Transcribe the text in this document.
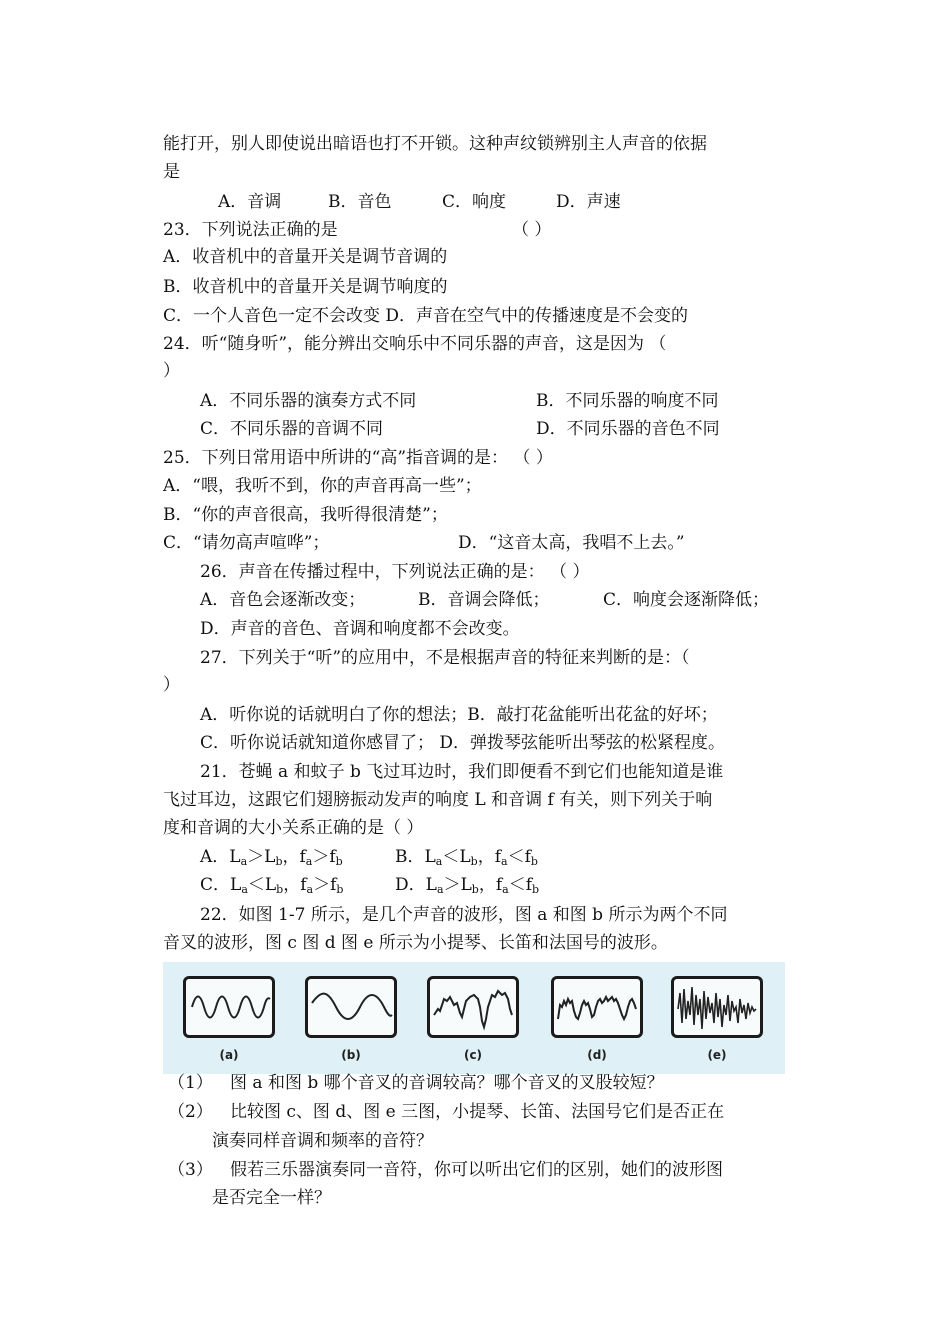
能打开，别人即使说出暗语也打不开锁。这种声纹锁辨别主人声音的依据
是
A．音调	B．音色	C．响度	D．声速
23．下列说法正确的是	（ ）
A．收音机中的音量开关是调节音调的
B．收音机中的音量开关是调节响度的
C．一个人音色一定不会改变 D．声音在空气中的传播速度是不会变的
24．听“随身听”，能分辨出交响乐中不同乐器的声音，这是因为 （
）
A．不同乐器的演奏方式不同	B．不同乐器的响度不同
C．不同乐器的音调不同	D．不同乐器的音色不同
25．下列日常用语中所讲的“高”指音调的是： （ ）
A．“喂，我听不到，你的声音再高一些”；
B．“你的声音很高，我听得很清楚”；
C．“请勿高声喧哗”；	D．“这音太高，我唱不上去。”
26．声音在传播过程中，下列说法正确的是： （ ）
A．音色会逐渐改变；	B．音调会降低；	C．响度会逐渐降低；
D．声音的音色、音调和响度都不会改变。
27．下列关于“听”的应用中，不是根据声音的特征来判断的是：（
）
A．听你说的话就明白了你的想法；B．敲打花盆能听出花盆的好坏；
C．听你说话就知道你感冒了； D．弹拨琴弦能听出琴弦的松紧程度。
21．苍蝇 a 和蚊子 b 飞过耳边时，我们即便看不到它们也能知道是谁
飞过耳边，这跟它们翅膀振动发声的响度 L 和音调 f 有关，则下列关于响
度和音调的大小关系正确的是（ ）
A．$L_a>L_b$，$f_a>f_b$	B．$L_a<L_b$，$f_a<f_b$
C．$L_a<L_b$，$f_a>f_b$	D．$L_a>L_b$，$f_a<f_b$
22．如图 1-7 所示，是几个声音的波形，图 a 和图 b 所示为两个不同
音叉的波形，图 c 图 d 图 e 所示为小提琴、长笛和法国号的波形。
(a)	(b)	(c)	(d)	(e)
（1） 图 a 和图 b 哪个音叉的音调较高？哪个音叉的叉股较短？
（2） 比较图 c、图 d、图 e 三图，小提琴、长笛、法国号它们是否正在
演奏同样音调和频率的音符？
（3） 假若三乐器演奏同一音符，你可以听出它们的区别，她们的波形图
是否完全一样？
